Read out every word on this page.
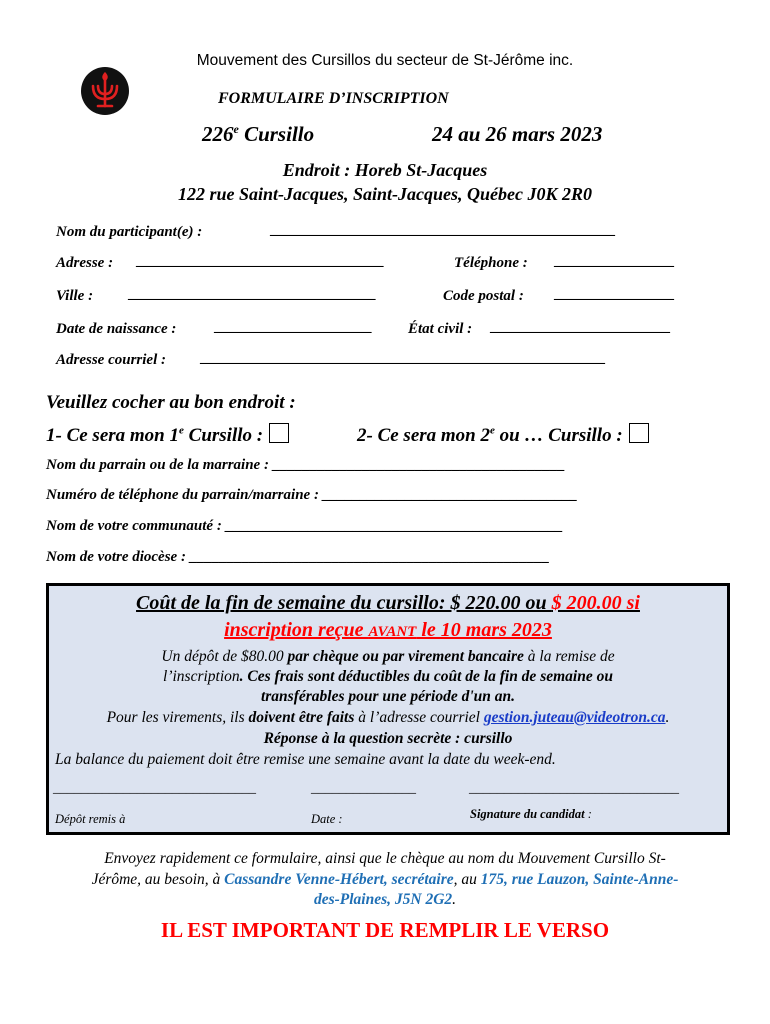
Mouvement des Cursillos du secteur de St-Jérôme inc.
FORMULAIRE D’INSCRIPTION
226e Cursillo	24 au 26 mars 2023
Endroit : Horeb St-Jacques
122 rue Saint-Jacques, Saint-Jacques, Québec J0K 2R0
Nom du participant(e) :	______________________________________________
Adresse : _________________________________	Téléphone : ________________
Ville : _________________________________	Code postal : ________________
Date de naissance :	_____________________ État civil : ________________________
Adresse courriel : ______________________________________________________
Veuillez cocher au bon endroit :
1- Ce sera mon 1e Cursillo :	2- Ce sera mon 2e ou … Cursillo :
Nom du parrain ou de la marraine : _______________________________________
Numéro de téléphone du parrain/marraine : __________________________________
Nom de votre communauté : _____________________________________________
Nom de votre diocèse : ________________________________________________
Coût de la fin de semaine du cursillo: $ 220.00 ou $ 200.00 si
inscription reçue AVANT le 10 mars 2023
Un dépôt de $80.00 par chèque ou par virement bancaire à la remise de
l’inscription. Ces frais sont déductibles du coût de la fin de semaine ou
transférables pour une période d'un an.
Pour les virements, ils doivent être faits à l’adresse courriel gestion.juteau@videotron.ca.
Réponse à la question secrète : cursillo
La balance du paiement doit être remise une semaine avant la date du week-end.
_____________________________	_______________	______________________________
Dépôt remis à	Date :	Signature du candidat :
Envoyez rapidement ce formulaire, ainsi que le chèque au nom du Mouvement Cursillo St-
Jérôme, au besoin, à Cassandre Venne-Hébert, secrétaire, au 175, rue Lauzon, Sainte-Anne-
des-Plaines, J5N 2G2.
IL EST IMPORTANT DE REMPLIR LE VERSO
